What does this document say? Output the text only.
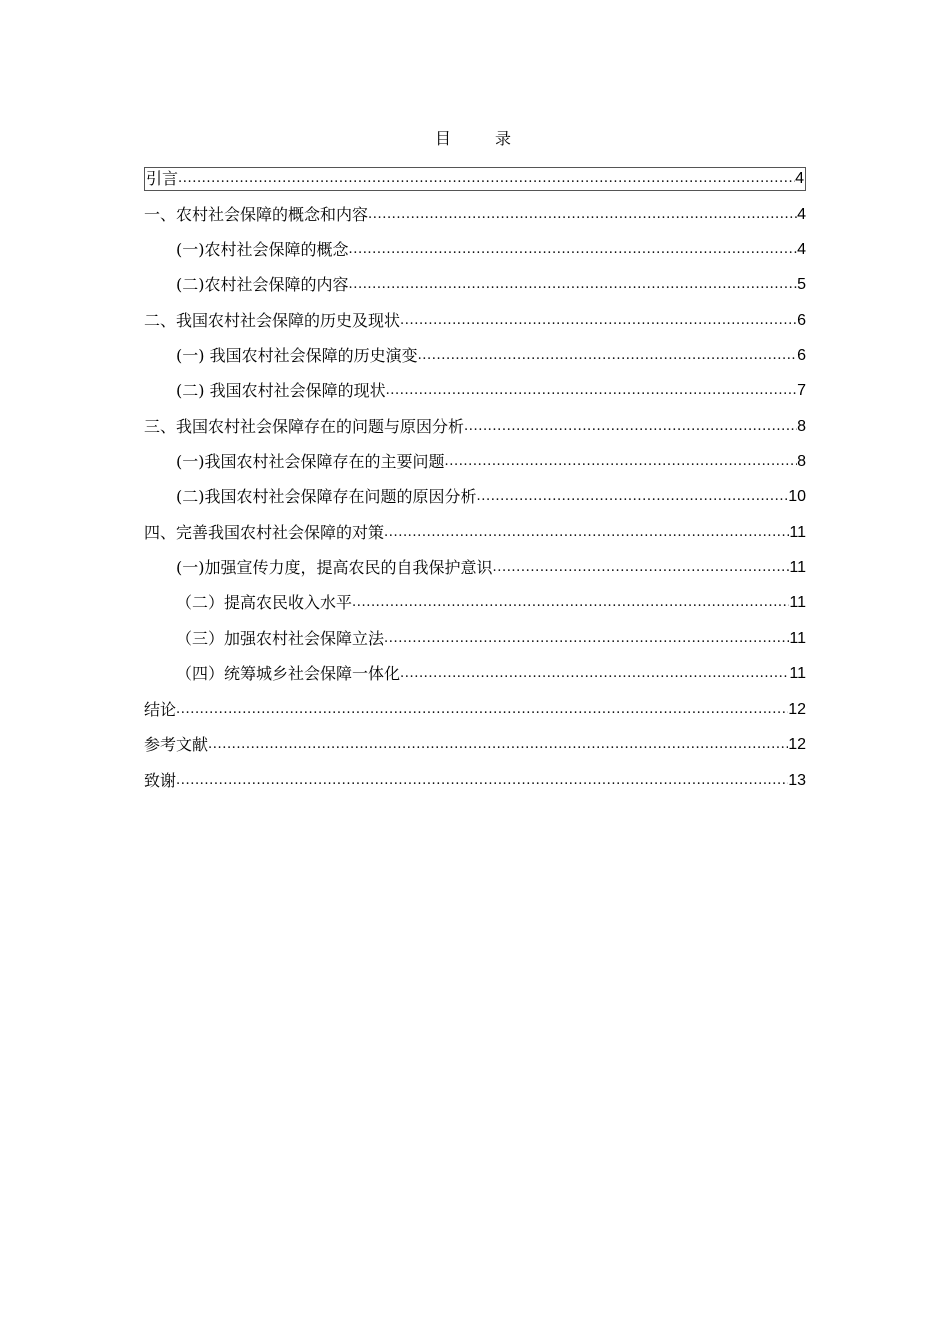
目　录
引言 .....	4
一、农村社会保障的概念和内容 .....	4
(一)农村社会保障的概念 .....	4
(二)农村社会保障的内容 .....	5
二、我国农村社会保障的历史及现状 .....	6
(一) 我国农村社会保障的历史演变 .....	6
(二) 我国农村社会保障的现状 .....	7
三、我国农村社会保障存在的问题与原因分析 .....	8
(一)我国农村社会保障存在的主要问题 .....	8
(二)我国农村社会保障存在问题的原因分析 .....	10
四、完善我国农村社会保障的对策 .....	11
(一)加强宣传力度，提高农民的自我保护意识 .....	11
（二）提高农民收入水平 .....	11
（三）加强农村社会保障立法 .....	11
（四）统筹城乡社会保障一体化 .....	11
结论 .....	12
参考文献 .....	12
致谢 .....	13
